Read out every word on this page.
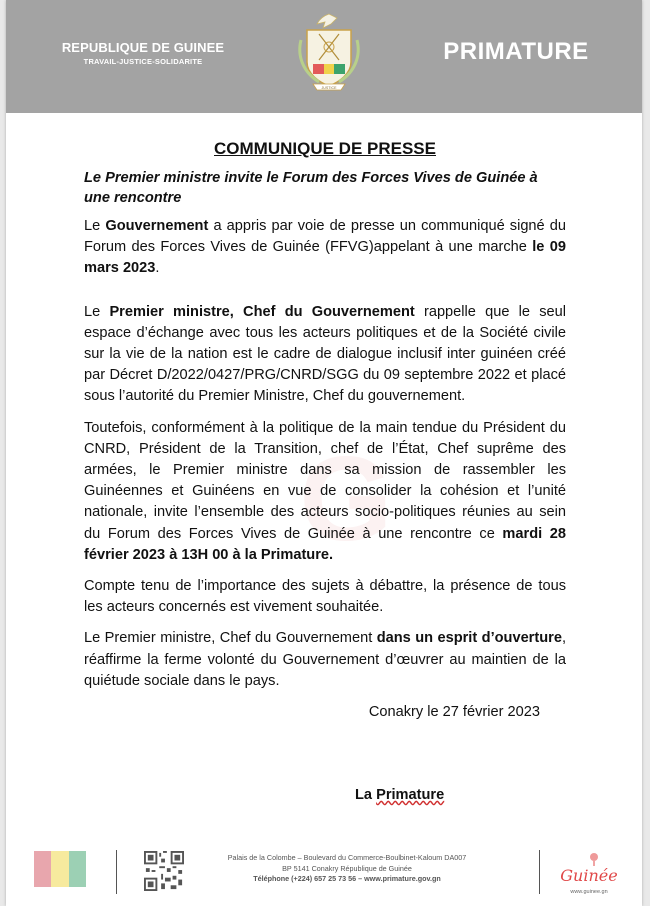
REPUBLIQUE DE GUINEE
TRAVAIL-JUSTICE-SOLIDARITE
JUSTICE
PRIMATURE
G
COMMUNIQUE DE PRESSE
Le Premier ministre invite le Forum des Forces Vives de Guinée à une rencontre

Le Gouvernement a appris par voie de presse un communiqué signé du Forum des Forces Vives de Guinée (FFVG)appelant à une marche le 09 mars 2023.

Le Premier ministre, Chef du Gouvernement rappelle que le seul espace d’échange avec tous les acteurs politiques et de la Société civile sur la vie de la nation est le cadre de dialogue inclusif inter guinéen créé par Décret D/2022/0427/PRG/CNRD/SGG du 09 septembre 2022 et placé sous l’autorité du Premier Ministre, Chef du gouvernement.

Toutefois, conformément à la politique de la main tendue du Président du CNRD, Président de la Transition, chef de l’État, Chef suprême des armées, le Premier ministre dans sa mission de rassembler les Guinéennes et Guinéens en vue de consolider la cohésion et l’unité nationale, invite l’ensemble des acteurs socio-politiques réunies au sein du Forum des Forces Vives de Guinée à une rencontre ce mardi 28 février 2023 à 13H 00 à la Primature.

Compte tenu de l’importance des sujets à débattre, la présence de tous les acteurs concernés est vivement souhaitée.

Le Premier ministre, Chef du Gouvernement dans un esprit d’ouverture, réaffirme la ferme volonté du Gouvernement d’œuvrer au maintien de la quiétude sociale dans le pays.

Conakry le 27 février 2023

La Primature
Palais de la Colombe – Boulevard du Commerce-Boulbinet-Kaloum DA007
BP 5141 Conakry République de Guinée
Téléphone (+224) 657 25 73 56 – www.primature.gov.gn	Guinée
www.guinee.gn
